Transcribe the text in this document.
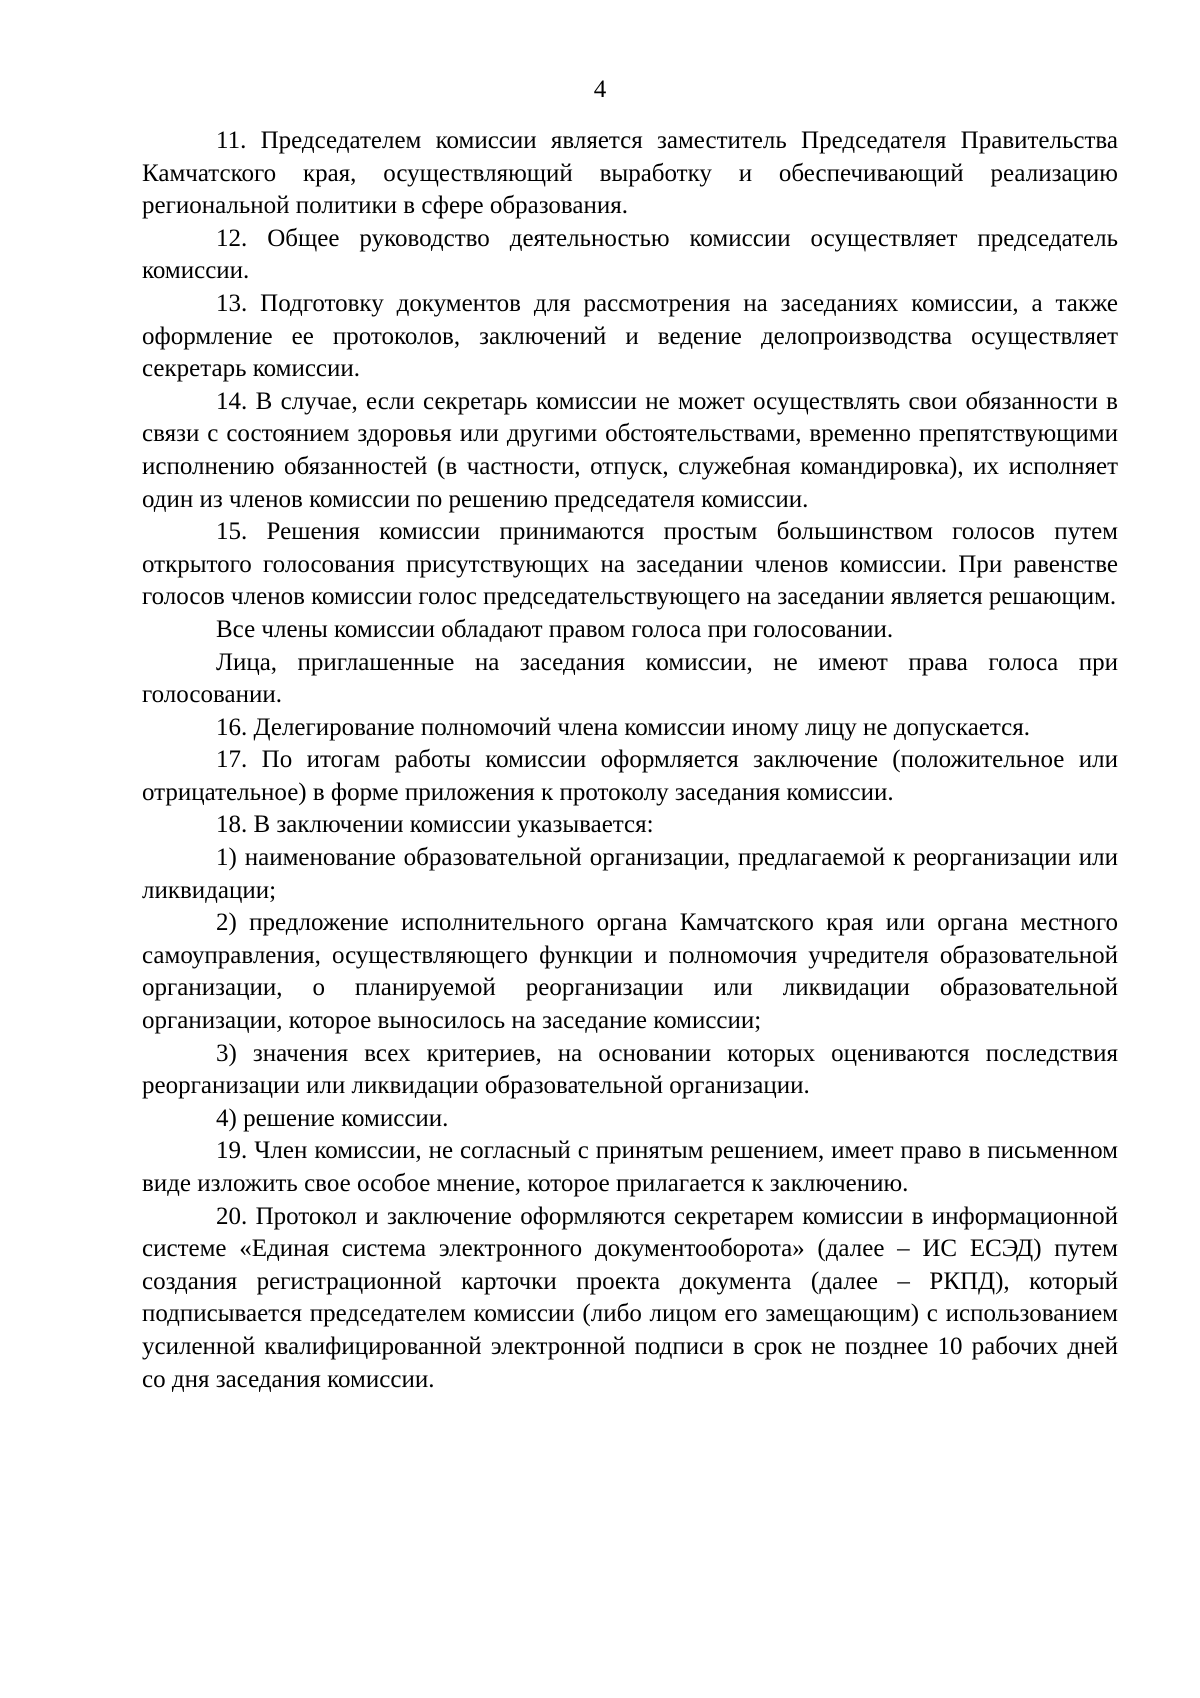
4

11. Председателем комиссии является заместитель Председателя Правительства Камчатского края, осуществляющий выработку и обеспечивающий реализацию региональной политики в сфере образования.

12. Общее руководство деятельностью комиссии осуществляет председатель комиссии.

13. Подготовку документов для рассмотрения на заседаниях комиссии, а также оформление ее протоколов, заключений и ведение делопроизводства осуществляет секретарь комиссии.

14. В случае, если секретарь комиссии не может осуществлять свои обязанности в связи с состоянием здоровья или другими обстоятельствами, временно препятствующими исполнению обязанностей (в частности, отпуск, служебная командировка), их исполняет один из членов комиссии по решению председателя комиссии.

15. Решения комиссии принимаются простым большинством голосов путем открытого голосования присутствующих на заседании членов комиссии. При равенстве голосов членов комиссии голос председательствующего на заседании является решающим.

Все члены комиссии обладают правом голоса при голосовании.

Лица, приглашенные на заседания комиссии, не имеют права голоса при голосовании.

16. Делегирование полномочий члена комиссии иному лицу не допускается.

17. По итогам работы комиссии оформляется заключение (положительное или отрицательное) в форме приложения к протоколу заседания комиссии.

18. В заключении комиссии указывается:

1) наименование образовательной организации, предлагаемой к реорганизации или ликвидации;

2) предложение исполнительного органа Камчатского края или органа местного самоуправления, осуществляющего функции и полномочия учредителя образовательной организации, о планируемой реорганизации или ликвидации образовательной организации, которое выносилось на заседание комиссии;

3) значения всех критериев, на основании которых оцениваются последствия реорганизации или ликвидации образовательной организации.

4) решение комиссии.

19. Член комиссии, не согласный с принятым решением, имеет право в письменном виде изложить свое особое мнение, которое прилагается к заключению.

20. Протокол и заключение оформляются секретарем комиссии в информационной системе «Единая система электронного документооборота» (далее – ИС ЕСЭД) путем создания регистрационной карточки проекта документа (далее – РКПД), который подписывается председателем комиссии (либо лицом его замещающим) с использованием усиленной квалифицированной электронной подписи в срок не позднее 10 рабочих дней со дня заседания комиссии.
